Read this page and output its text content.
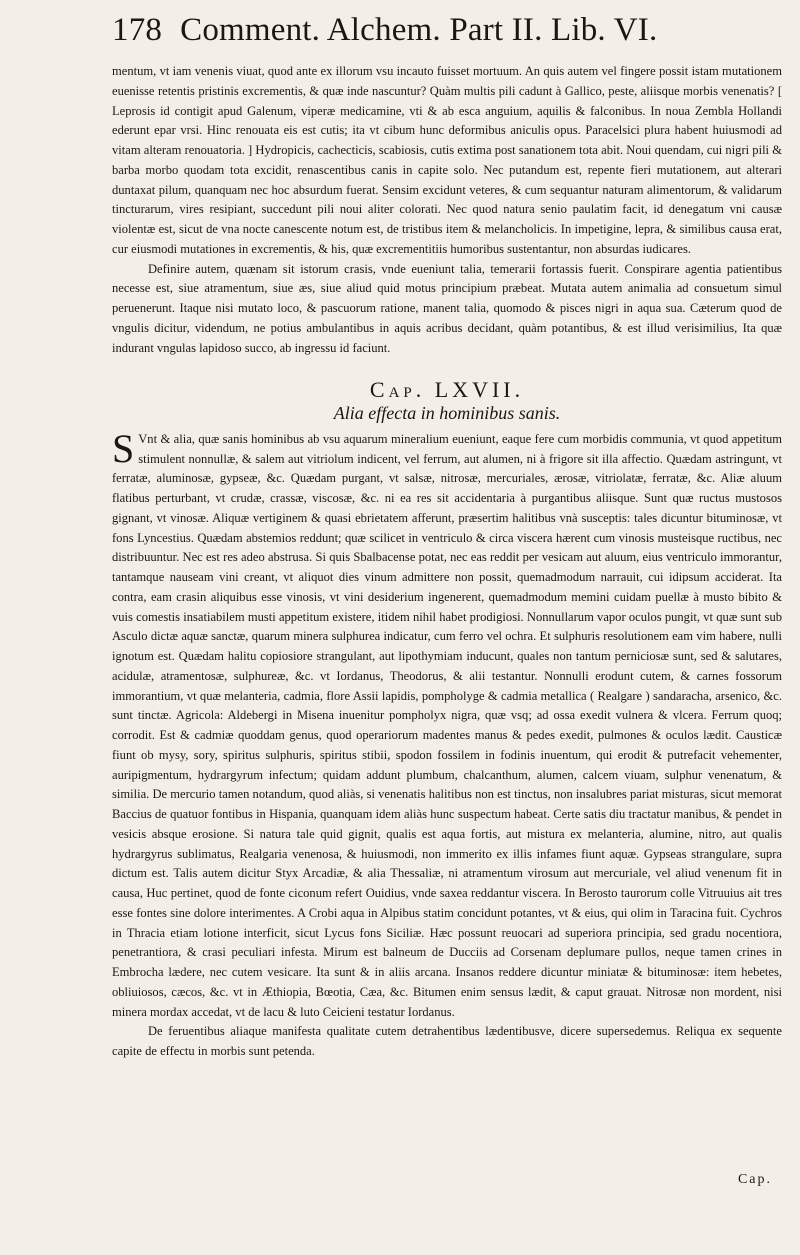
178 Comment. Alchem. Part II. Lib. VI.

mentum, vt iam venenis viuat, quod ante ex illorum vsu incauto fuisset mortuum. An quis autem vel fingere possit istam mutationem euenisse retentis pristinis excrementis, & quæ inde nascuntur? Quàm multis pili cadunt à Gallico, peste, aliisque morbis venenatis? [ Leprosis id contigit apud Galenum, viperæ medicamine, vti & ab esca anguium, aquilis & falconibus. In noua Zembla Hollandi ederunt epar vrsi. Hinc renouata eis est cutis; ita vt cibum hunc deformibus aniculis opus. Paracelsici plura habent huiusmodi ad vitam alteram renouatoria. ] Hydropicis, cachecticis, scabiosis, cutis extima post sanationem tota abit. Noui quendam, cui nigri pili & barba morbo quodam tota excidit, renascentibus canis in capite solo. Nec putandum est, repente fieri mutationem, aut alterari duntaxat pilum, quanquam nec hoc absurdum fuerat. Sensim excidunt veteres, & cum sequantur naturam alimentorum, & validarum tincturarum, vires resipiant, succedunt pili noui aliter colorati. Nec quod natura senio paulatim facit, id denegatum vni causæ violentæ est, sicut de vna nocte canescente notum est, de tristibus item & melancholicis. In impetigine, lepra, & similibus causa erat, cur eiusmodi mutationes in excrementis, & his, quæ excrementitiis humoribus sustentantur, non absurdas iudicares.

Definire autem, quænam sit istorum crasis, vnde eueniunt talia, temerarii fortassis fuerit. Conspirare agentia patientibus necesse est, siue atramentum, siue æs, siue aliud quid motus principium præbeat. Mutata autem animalia ad consuetum simul peruenerunt. Itaque nisi mutato loco, & pascuorum ratione, manent talia, quomodo & pisces nigri in aqua sua. Cæterum quod de vngulis dicitur, videndum, ne potius ambulantibus in aquis acribus decidant, quàm potantibus, & est illud verisimilius, Ita quæ indurant vngulas lapidoso succo, ab ingressu id faciunt.

Cap. LXVII.
Alia effecta in hominibus sanis.

SVnt & alia, quæ sanis hominibus ab vsu aquarum mineralium eueniunt, eaque fere cum morbidis communia, vt quod appetitum stimulent nonnullæ, & salem aut vitriolum indicent, vel ferrum, aut alumen, ni à frigore sit illa affectio. Quædam astringunt, vt ferratæ, aluminosæ, gypseæ, &c. Quædam purgant, vt salsæ, nitrosæ, mercuriales, ærosæ, vitriolatæ, ferratæ, &c. Aliæ aluum flatibus perturbant, vt crudæ, crassæ, viscosæ, &c. ni ea res sit accidentaria à purgantibus aliisque. Sunt quæ ructus mustosos gignant, vt vinosæ. Aliquæ vertiginem & quasi ebrietatem afferunt, præsertim halitibus vnà susceptis: tales dicuntur bituminosæ, vt fons Lyncestius. Quædam abstemios reddunt; quæ scilicet in ventriculo & circa viscera hærent cum vinosis musteisque ructibus, nec distribuuntur. Nec est res adeo abstrusa. Si quis Sbalbacense potat, nec eas reddit per vesicam aut aluum, eius ventriculo immorantur, tantamque nauseam vini creant, vt aliquot dies vinum admittere non possit, quemadmodum narrauit, cui idipsum acciderat. Ita contra, eam crasin aliquibus esse vinosis, vt vini desiderium ingenerent, quemadmodum memini cuidam puellæ à musto bibito & vuis comestis insatiabilem musti appetitum existere, itidem nihil habet prodigiosi. Nonnullarum vapor oculos pungit, vt quæ sunt sub Asculo dictæ aquæ sanctæ, quarum minera sulphurea indicatur, cum ferro vel ochra. Et sulphuris resolutionem eam vim habere, nulli ignotum est. Quædam halitu copiosiore strangulant, aut lipothymiam inducunt, quales non tantum perniciosæ sunt, sed & salutares, acidulæ, atramentosæ, sulphureæ, &c. vt Iordanus, Theodorus, & alii testantur. Nonnulli erodunt cutem, & carnes fossorum immorantium, vt quæ melanteria, cadmia, flore Assii lapidis, pompholyge & cadmia metallica ( Realgare ) sandaracha, arsenico, &c. sunt tinctæ. Agricola: Aldebergi in Misena inuenitur pompholyx nigra, quæ vsq; ad ossa exedit vulnera & vlcera. Ferrum quoq; corrodit. Est & cadmiæ quoddam genus, quod operariorum madentes manus & pedes exedit, pulmones & oculos lædit. Causticæ fiunt ob mysy, sory, spiritus sulphuris, spiritus stibii, spodon fossilem in fodinis inuentum, qui erodit & putrefacit vehementer, auripigmentum, hydrargyrum infectum; quidam addunt plumbum, chalcanthum, alumen, calcem viuam, sulphur venenatum, & similia. De mercurio tamen notandum, quod aliàs, si venenatis halitibus non est tinctus, non insalubres pariat misturas, sicut memorat Baccius de quatuor fontibus in Hispania, quanquam idem aliàs hunc suspectum habeat. Certe satis diu tractatur manibus, & pendet in vesicis absque erosione. Si natura tale quid gignit, qualis est aqua fortis, aut mistura ex melanteria, alumine, nitro, aut qualis hydrargyrus sublimatus, Realgaria venenosa, & huiusmodi, non immerito ex illis infames fiunt aquæ. Gypseas strangulare, supra dictum est. Talis autem dicitur Styx Arcadiæ, & alia Thessaliæ, ni atramentum virosum aut mercuriale, vel aliud venenum fit in causa, Huc pertinet, quod de fonte ciconum refert Ouidius, vnde saxea reddantur viscera. In Berosto taurorum colle Vitruuius ait tres esse fontes sine dolore interimentes. A Crobi aqua in Alpibus statim concidunt potantes, vt & eius, qui olim in Taracina fuit. Cychros in Thracia etiam lotione interficit, sicut Lycus fons Siciliæ. Hæc possunt reuocari ad superiora principia, sed gradu nocentiora, penetrantiora, & crasi peculiari infesta. Mirum est balneum de Ducciis ad Corsenam deplumare pullos, neque tamen crines in Embrocha lædere, nec cutem vesicare. Ita sunt & in aliis arcana. Insanos reddere dicuntur miniatæ & bituminosæ: item hebetes, obliuiosos, cæcos, &c. vt in Æthiopia, Bœotia, Cæa, &c. Bitumen enim sensus lædit, & caput grauat. Nitrosæ non mordent, nisi minera mordax accedat, vt de lacu & luto Ceicieni testatur Iordanus.

De feruentibus aliaque manifesta qualitate cutem detrahentibus lædentibusve, dicere supersedemus. Reliqua ex sequente capite de effectu in morbis sunt petenda.

Cap.
